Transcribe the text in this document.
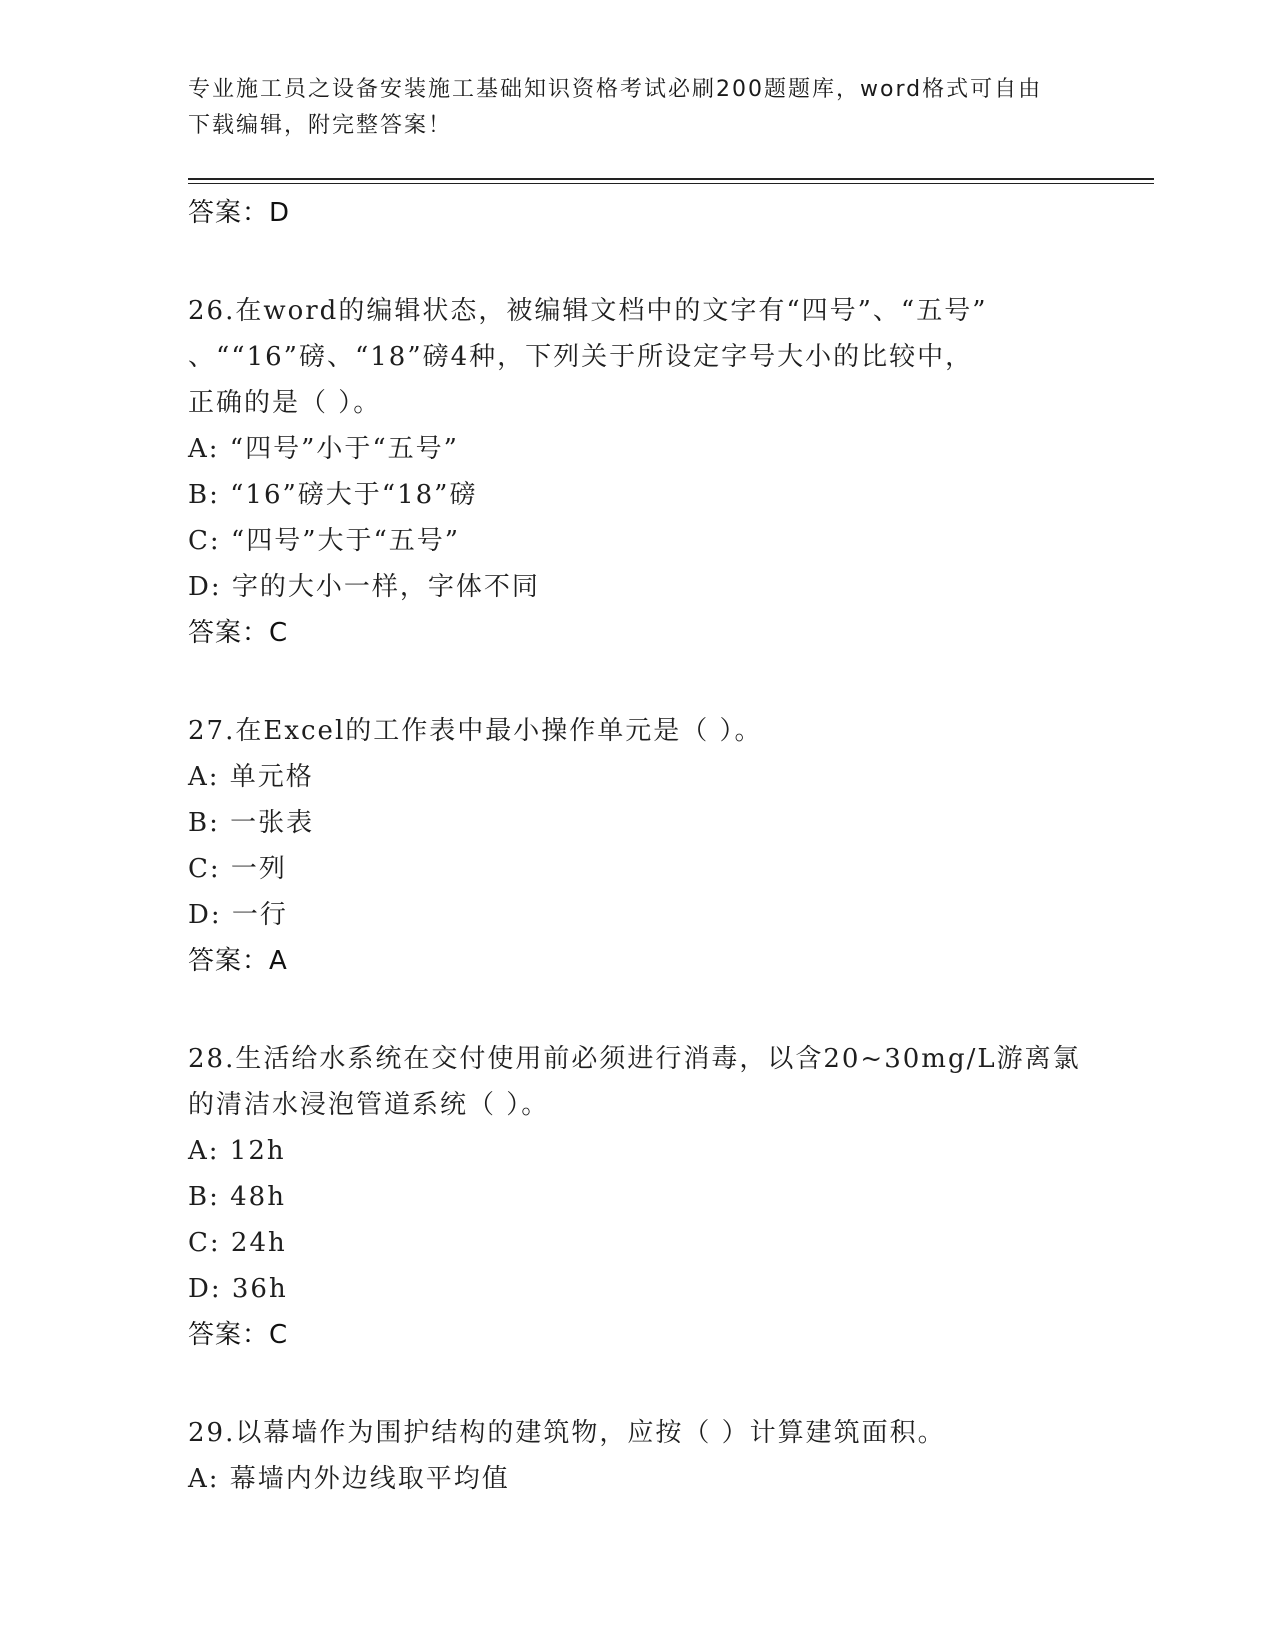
专业施工员之设备安装施工基础知识资格考试必刷200题题库，word格式可自由
下载编辑，附完整答案！
答案：D
26.在word的编辑状态，被编辑文档中的文字有“四号”、“五号”
、““16”磅、“18”磅4种，下列关于所设定字号大小的比较中，
正确的是（ ）。
A: “四号”小于“五号”
B: “16”磅大于“18”磅
C: “四号”大于“五号”
D: 字的大小一样，字体不同
答案：C
27.在Excel的工作表中最小操作单元是（ ）。
A: 单元格
B: 一张表
C: 一列
D: 一行
答案：A
28.生活给水系统在交付使用前必须进行消毒，以含20~30mg/L游离氯
的清洁水浸泡管道系统（ ）。
A: 12h
B: 48h
C: 24h
D: 36h
答案：C
29.以幕墙作为围护结构的建筑物，应按（ ）计算建筑面积。
A: 幕墙内外边线取平均值
